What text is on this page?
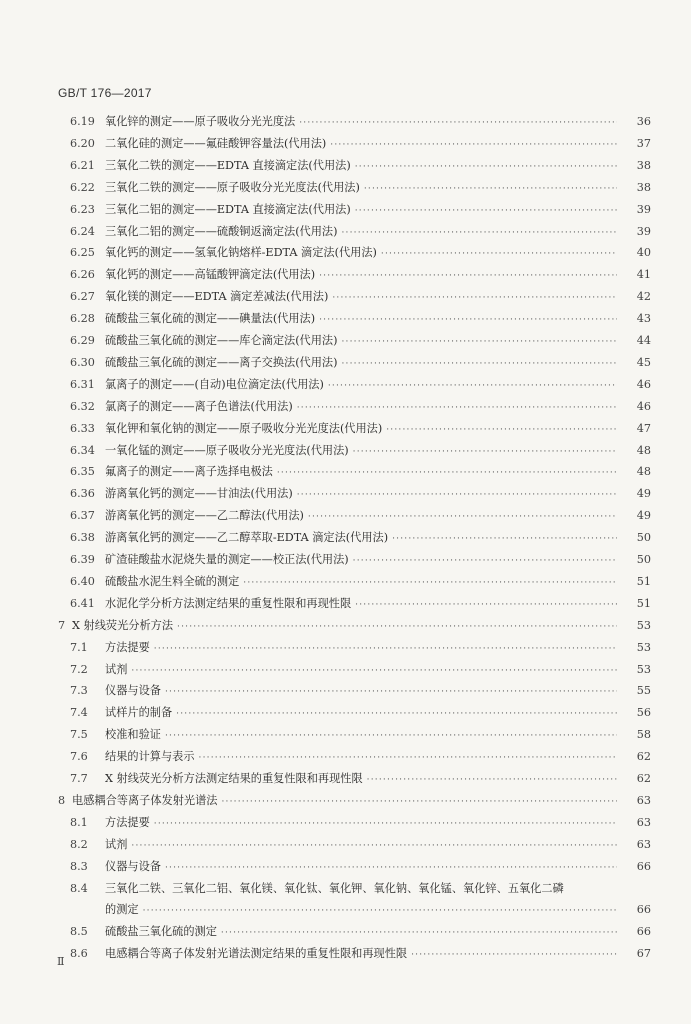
GB/T 176—2017
6.19 氧化锌的测定——原子吸收分光光度法 ·····	36
6.20 二氧化硅的测定——氟硅酸钾容量法(代用法) ·····	37
6.21 三氧化二铁的测定——EDTA 直接滴定法(代用法) ·····	38
6.22 三氧化二铁的测定——原子吸收分光光度法(代用法) ·····	38
6.23 三氧化二铝的测定——EDTA 直接滴定法(代用法) ·····	39
6.24 三氧化二铝的测定——硫酸铜返滴定法(代用法) ·····	39
6.25 氧化钙的测定——氢氧化钠熔样-EDTA 滴定法(代用法) ·····	40
6.26 氧化钙的测定——高锰酸钾滴定法(代用法) ·····	41
6.27 氧化镁的测定——EDTA 滴定差减法(代用法) ·····	42
6.28 硫酸盐三氧化硫的测定——碘量法(代用法) ·····	43
6.29 硫酸盐三氧化硫的测定——库仑滴定法(代用法) ·····	44
6.30 硫酸盐三氧化硫的测定——离子交换法(代用法) ·····	45
6.31 氯离子的测定——(自动)电位滴定法(代用法) ·····	46
6.32 氯离子的测定——离子色谱法(代用法) ·····	46
6.33 氧化钾和氧化钠的测定——原子吸收分光光度法(代用法) ·····	47
6.34 一氧化锰的测定——原子吸收分光光度法(代用法) ·····	48
6.35 氟离子的测定——离子选择电极法 ·····	48
6.36 游离氧化钙的测定——甘油法(代用法) ·····	49
6.37 游离氧化钙的测定——乙二醇法(代用法) ·····	49
6.38 游离氧化钙的测定——乙二醇萃取-EDTA 滴定法(代用法) ·····	50
6.39 矿渣硅酸盐水泥烧失量的测定——校正法(代用法) ·····	50
6.40 硫酸盐水泥生料全硫的测定 ·····	51
6.41 水泥化学分析方法测定结果的重复性限和再现性限 ·····	51
7 X 射线荧光分析方法 ·····	53
7.1 方法提要 ·····	53
7.2 试剂 ·····	53
7.3 仪器与设备 ·····	55
7.4 试样片的制备 ·····	56
7.5 校准和验证 ·····	58
7.6 结果的计算与表示 ·····	62
7.7 X 射线荧光分析方法测定结果的重复性限和再现性限 ·····	62
8 电感耦合等离子体发射光谱法 ·····	63
8.1 方法提要 ·····	63
8.2 试剂 ·····	63
8.3 仪器与设备 ·····	66
8.4 三氧化二铁、三氧化二铝、氧化镁、氧化钛、氧化钾、氧化钠、氧化锰、氧化锌、五氧化二磷
的测定 ·····	66
8.5 硫酸盐三氧化硫的测定 ·····	66
8.6 电感耦合等离子体发射光谱法测定结果的重复性限和再现性限 ·····	67
Ⅱ
